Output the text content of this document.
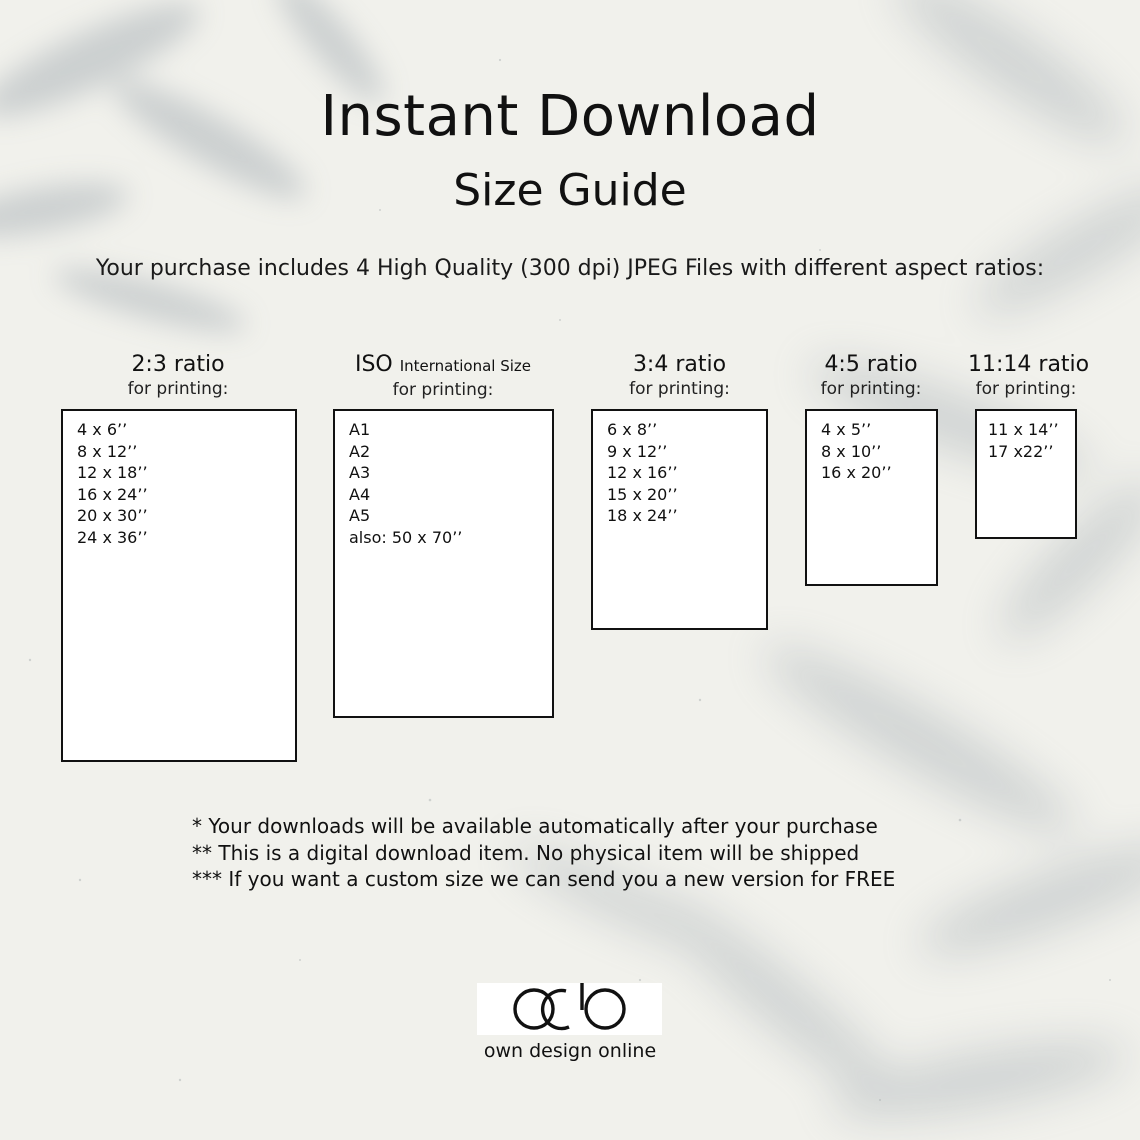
Instant Download
Size Guide
Your purchase includes 4 High Quality (300 dpi) JPEG Files with different aspect ratios:
2:3 ratio
for printing:
4 x 6’’
8 x 12’’
12 x 18’’
16 x 24’’
20 x 30’’
24 x 36’’
ISO International Size
for printing:
A1
A2
A3
A4
A5
also: 50 x 70’’
3:4 ratio
for printing:
6 x 8’’
9 x 12’’
12 x 16’’
15 x 20’’
18 x 24’’
4:5 ratio
for printing:
4 x 5’’
8 x 10’’
16 x 20’’
11:14 ratio
for printing:
11 x 14’’
17 x22’’
* Your downloads will be available automatically after your purchase
** This is a digital download item. No physical item will be shipped
*** If you want a custom size we can send you a new version for FREE
own design online
